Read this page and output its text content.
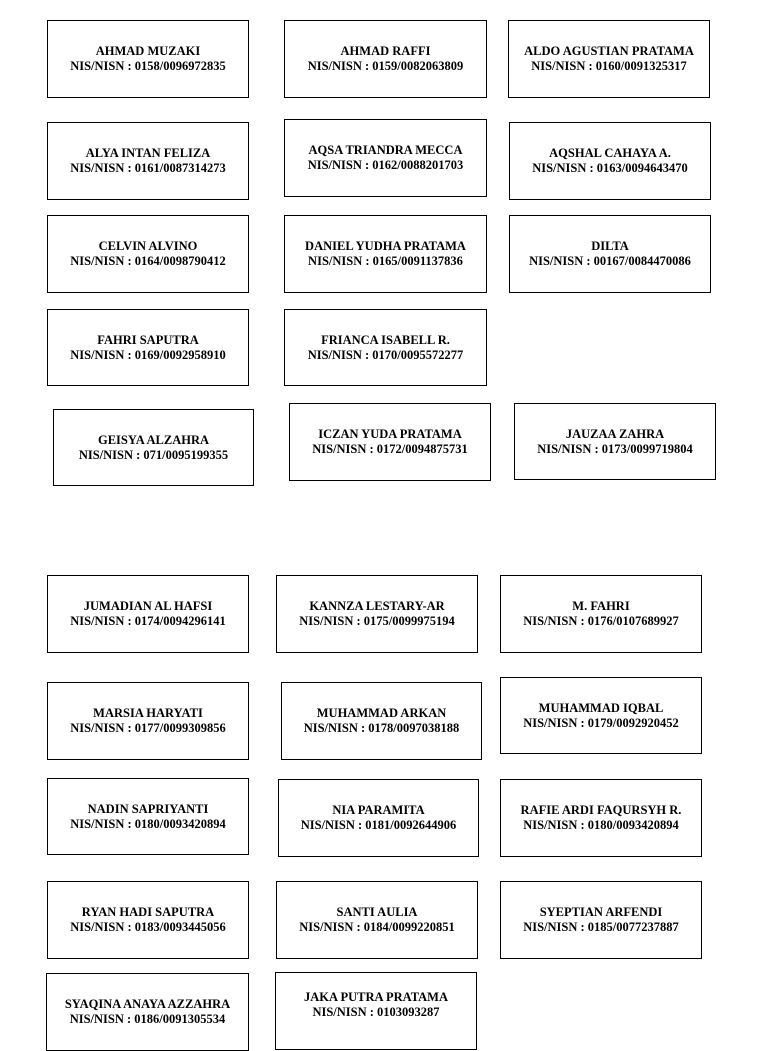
AHMAD MUZAKI
NIS/NISN : 0158/0096972835
AHMAD RAFFI
NIS/NISN : 0159/0082063809
ALDO AGUSTIAN PRATAMA
NIS/NISN : 0160/0091325317
ALYA INTAN FELIZA
NIS/NISN : 0161/0087314273
AQSA TRIANDRA MECCA
NIS/NISN : 0162/0088201703
AQSHAL CAHAYA A.
NIS/NISN : 0163/0094643470
CELVIN ALVINO
NIS/NISN : 0164/0098790412
DANIEL YUDHA PRATAMA
NIS/NISN : 0165/0091137836
DILTA
NIS/NISN : 00167/0084470086
FAHRI SAPUTRA
NIS/NISN : 0169/0092958910
FRIANCA ISABELL R.
NIS/NISN : 0170/0095572277
GEISYA ALZAHRA
NIS/NISN : 071/0095199355
ICZAN YUDA PRATAMA
NIS/NISN : 0172/0094875731
JAUZAA ZAHRA
NIS/NISN : 0173/0099719804
JUMADIAN AL HAFSI
NIS/NISN : 0174/0094296141
KANNZA LESTARY-AR
NIS/NISN : 0175/0099975194
M. FAHRI
NIS/NISN : 0176/0107689927
MARSIA HARYATI
NIS/NISN : 0177/0099309856
MUHAMMAD ARKAN
NIS/NISN : 0178/0097038188
MUHAMMAD IQBAL
NIS/NISN : 0179/0092920452
NADIN SAPRIYANTI
NIS/NISN : 0180/0093420894
NIA PARAMITA
NIS/NISN : 0181/0092644906
RAFIE ARDI FAQURSYH R.
NIS/NISN : 0180/0093420894
RYAN HADI SAPUTRA
NIS/NISN : 0183/0093445056
SANTI AULIA
NIS/NISN : 0184/0099220851
SYEPTIAN ARFENDI
NIS/NISN : 0185/0077237887
SYAQINA ANAYA AZZAHRA
NIS/NISN : 0186/0091305534
JAKA PUTRA PRATAMA
NIS/NISN : 0103093287
